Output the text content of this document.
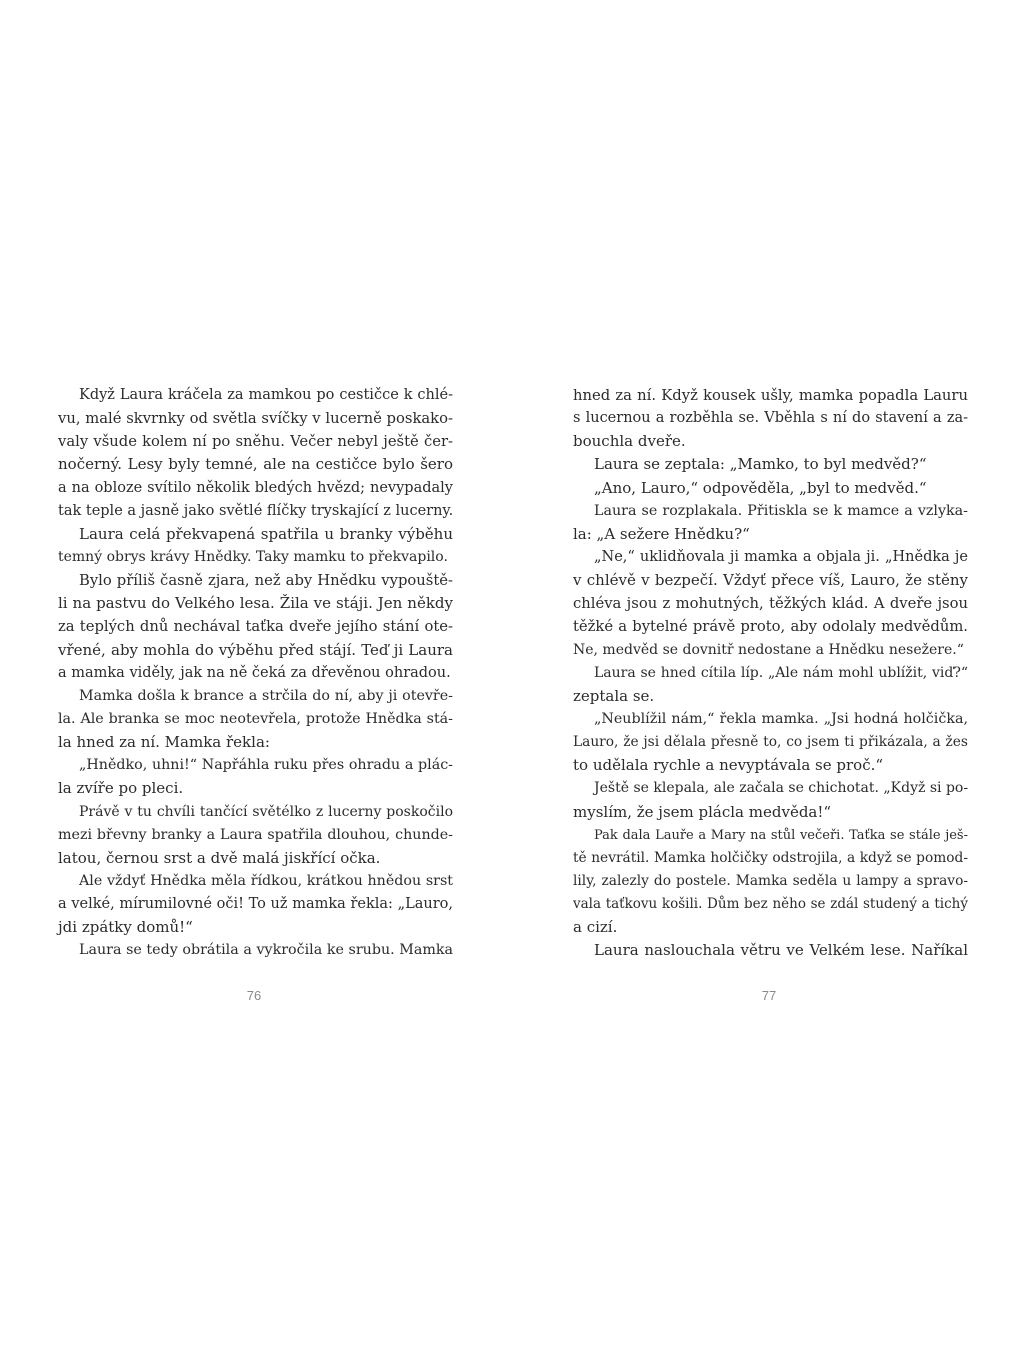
Když Laura kráčela za mamkou po cestičce k chlé-
vu, malé skvrnky od světla svíčky v lucerně poskako-
valy všude kolem ní po sněhu. Večer nebyl ještě čer-
nočerný. Lesy byly temné, ale na cestičce bylo šero
a na obloze svítilo několik bledých hvězd; nevypadaly
tak teple a jasně jako světlé flíčky tryskající z lucerny.
Laura celá překvapená spatřila u branky výběhu
temný obrys krávy Hnědky. Taky mamku to překvapilo.
Bylo příliš časně zjara, než aby Hnědku vypouště-
li na pastvu do Velkého lesa. Žila ve stáji. Jen někdy
za teplých dnů nechával taťka dveře jejího stání ote-
vřené, aby mohla do výběhu před stájí. Teď ji Laura
a mamka viděly, jak na ně čeká za dřevěnou ohradou.
Mamka došla k brance a strčila do ní, aby ji otevře-
la. Ale branka se moc neotevřela, protože Hnědka stá-
la hned za ní. Mamka řekla:
„Hnědko, uhni!“ Napřáhla ruku přes ohradu a plác-
la zvíře po pleci.
Právě v tu chvíli tančící světélko z lucerny poskočilo
mezi břevny branky a Laura spatřila dlouhou, chunde-
latou, černou srst a dvě malá jiskřící očka.
Ale vždyť Hnědka měla řídkou, krátkou hnědou srst
a velké, mírumilovné oči! To už mamka řekla: „Lauro,
jdi zpátky domů!“
Laura se tedy obrátila a vykročila ke srubu. Mamka
76
hned za ní. Když kousek ušly, mamka popadla Lauru
s lucernou a rozběhla se. Vběhla s ní do stavení a za-
bouchla dveře.
Laura se zeptala: „Mamko, to byl medvěd?“
„Ano, Lauro,“ odpověděla, „byl to medvěd.“
Laura se rozplakala. Přitiskla se k mamce a vzlyka-
la: „A sežere Hnědku?“
„Ne,“ uklidňovala ji mamka a objala ji. „Hnědka je
v chlévě v bezpečí. Vždyť přece víš, Lauro, že stěny
chléva jsou z mohutných, těžkých klád. A dveře jsou
těžké a bytelné právě proto, aby odolaly medvědům.
Ne, medvěd se dovnitř nedostane a Hnědku nesežere.“
Laura se hned cítila líp. „Ale nám mohl ublížit, viď?“
zeptala se.
„Neublížil nám,“ řekla mamka. „Jsi hodná holčička,
Lauro, že jsi dělala přesně to, co jsem ti přikázala, a žes
to udělala rychle a nevyptávala se proč.“
Ještě se klepala, ale začala se chichotat. „Když si po-
myslím, že jsem plácla medvěda!“
Pak dala Lauře a Mary na stůl večeři. Taťka se stále ješ-
tě nevrátil. Mamka holčičky odstrojila, a když se pomod-
lily, zalezly do postele. Mamka seděla u lampy a spravo-
vala taťkovu košili. Dům bez něho se zdál studený a tichý
a cizí.
Laura naslouchala větru ve Velkém lese. Naříkal
77
